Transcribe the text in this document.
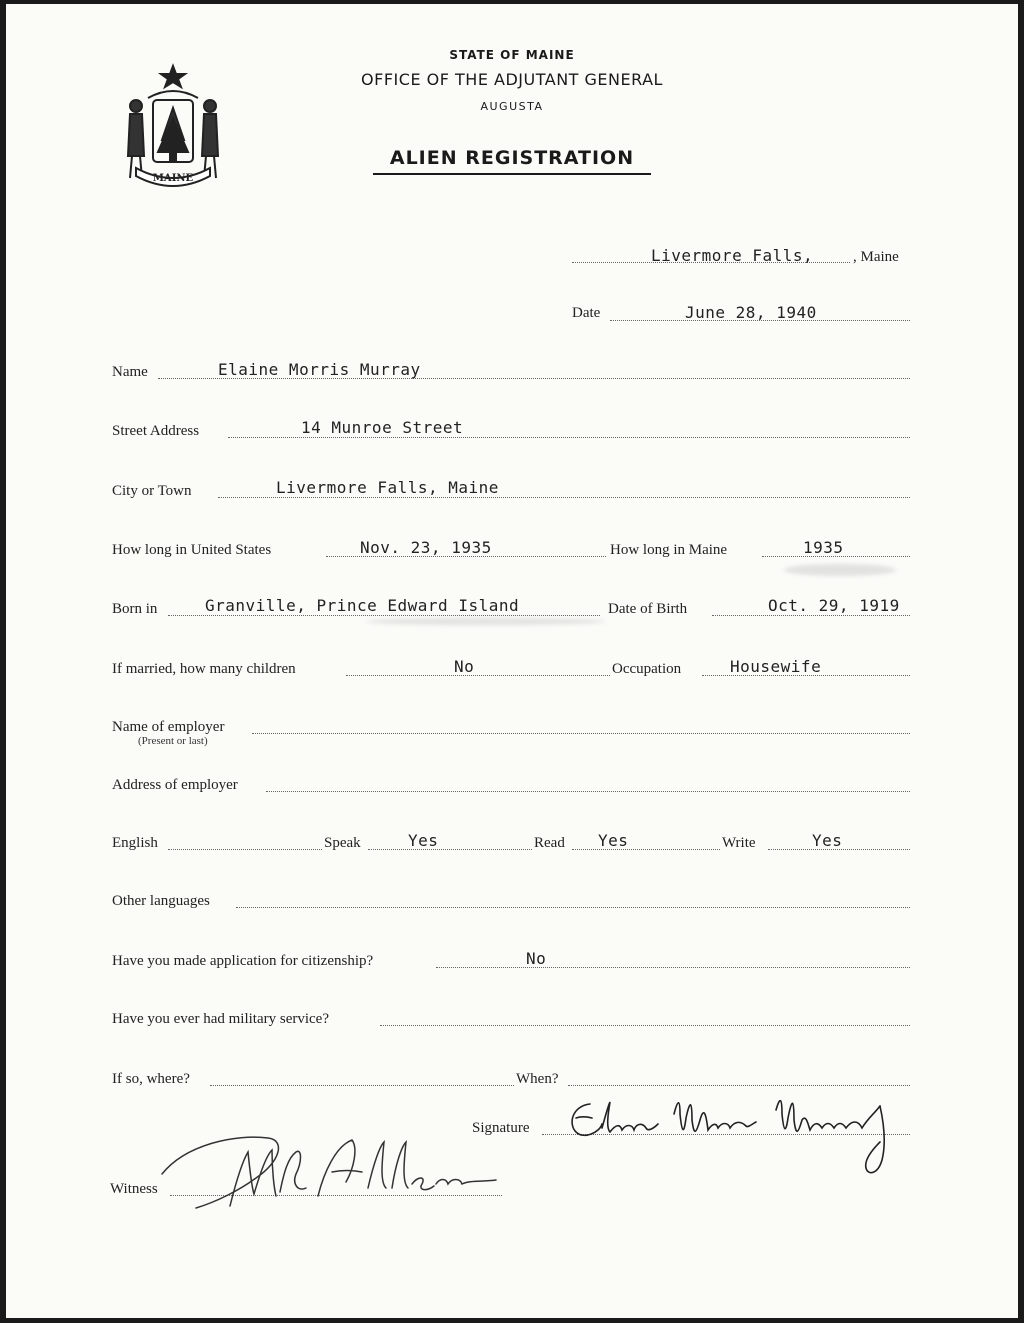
MAINE
STATE OF MAINE
OFFICE OF THE ADJUTANT GENERAL
AUGUSTA
ALIEN REGISTRATION
Livermore Falls,	, Maine
Date	June 28, 1940
Name	Elaine Morris Murray
Street Address	14 Munroe Street
City or Town	Livermore Falls, Maine
How long in United States	Nov. 23, 1935	How long in Maine	1935
Born in	Granville, Prince Edward Island	Date of Birth	Oct. 29, 1919
If married, how many children	No	Occupation	Housewife
Name of employer
(Present or last)
Address of employer
English	Speak	Yes	Read Yes	Write	Yes
Other languages
Have you made application for citizenship?	No
Have you ever had military service?
If so, where?	When?
Signature
Witness
